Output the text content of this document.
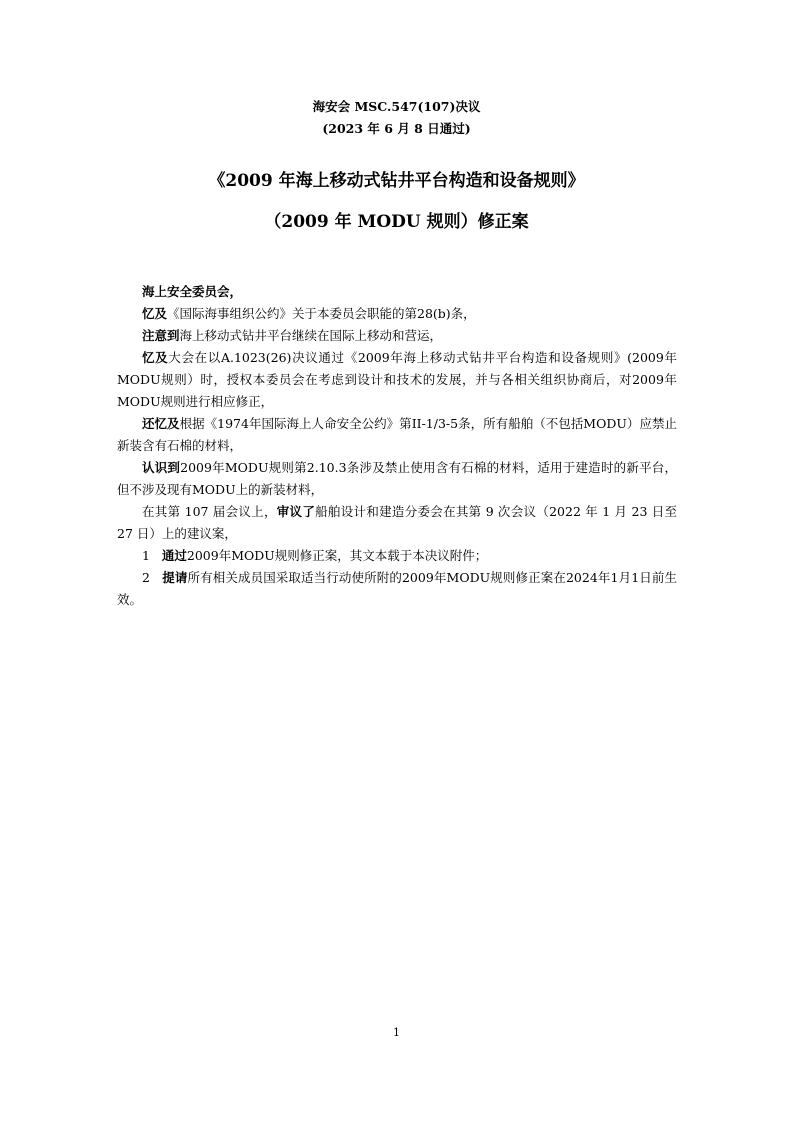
海安会 MSC.547(107)决议
(2023 年 6 月 8 日通过)
《2009 年海上移动式钻井平台构造和设备规则》
（2009 年 MODU 规则）修正案

海上安全委员会，

忆及《国际海事组织公约》关于本委员会职能的第28(b)条，

注意到海上移动式钻井平台继续在国际上移动和营运，

忆及大会在以A.1023(26)决议通过《2009年海上移动式钻井平台构造和设备规则》(2009年MODU规则）时，授权本委员会在考虑到设计和技术的发展，并与各相关组织协商后，对2009年MODU规则进行相应修正，

还忆及根据《1974年国际海上人命安全公约》第II-1/3-5条，所有船舶（不包括MODU）应禁止新装含有石棉的材料，

认识到2009年MODU规则第2.10.3条涉及禁止使用含有石棉的材料，适用于建造时的新平台，但不涉及现有MODU上的新装材料，

在其第 107 届会议上，审议了船舶设计和建造分委会在其第 9 次会议（2022 年 1 月 23 日至 27 日）上的建议案，

1 通过2009年MODU规则修正案，其文本载于本决议附件；

2 提请所有相关成员国采取适当行动使所附的2009年MODU规则修正案在2024年1月1日前生效。

1
